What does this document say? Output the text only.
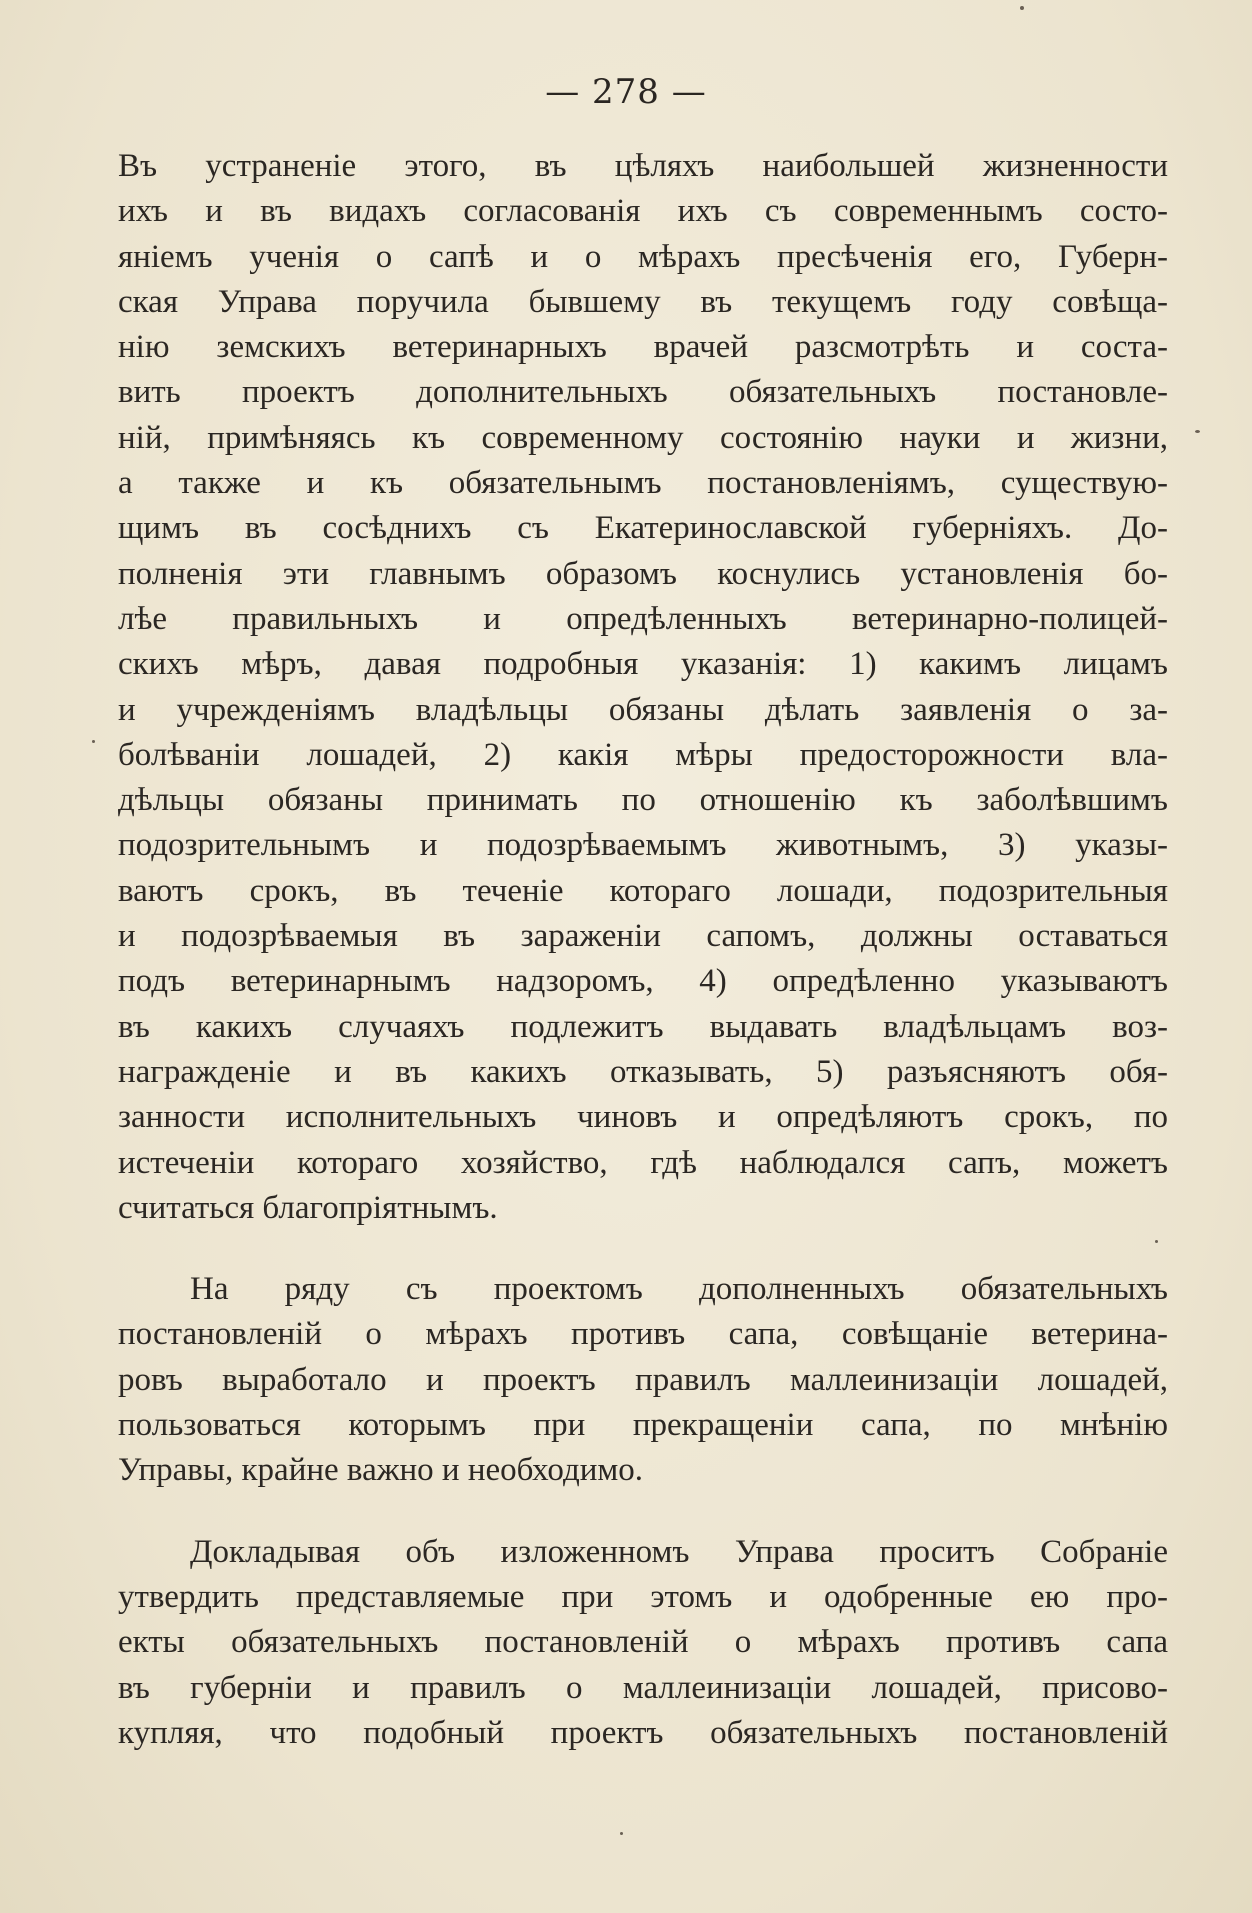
— 278 —
Въ устраненіе этого, въ цѣляхъ наибольшей жизненности
ихъ и въ видахъ согласованія ихъ съ современнымъ состо-
яніемъ ученія о сапѣ и о мѣрахъ пресѣченія его, Губерн-
ская Управа поручила бывшему въ текущемъ году совѣща-
нію земскихъ ветеринарныхъ врачей разсмотрѣть и соста-
вить проектъ дополнительныхъ обязательныхъ постановле-
ній, примѣняясь къ современному состоянію науки и жизни,
а также и къ обязательнымъ постановленіямъ, существую-
щимъ въ сосѣднихъ съ Екатеринославской губерніяхъ. До-
полненія эти главнымъ образомъ коснулись установленія бо-
лѣе правильныхъ и опредѣленныхъ ветеринарно-полицей-
скихъ мѣръ, давая подробныя указанія: 1) какимъ лицамъ
и учрежденіямъ владѣльцы обязаны дѣлать заявленія о за-
болѣваніи лошадей, 2) какія мѣры предосторожности вла-
дѣльцы обязаны принимать по отношенію къ заболѣвшимъ
подозрительнымъ и подозрѣваемымъ животнымъ, 3) указы-
ваютъ срокъ, въ теченіе котораго лошади, подозрительныя
и подозрѣваемыя въ зараженіи сапомъ, должны оставаться
подъ ветеринарнымъ надзоромъ, 4) опредѣленно указываютъ
въ какихъ случаяхъ подлежитъ выдавать владѣльцамъ воз-
награжденіе и въ какихъ отказывать, 5) разъясняютъ обя-
занности исполнительныхъ чиновъ и опредѣляютъ срокъ, по
истеченіи котораго хозяйство, гдѣ наблюдался сапъ, можетъ
считаться благопріятнымъ.
На ряду съ проектомъ дополненныхъ обязательныхъ
постановленій о мѣрахъ противъ сапа, совѣщаніе ветерина-
ровъ выработало и проектъ правилъ маллеинизаціи лошадей,
пользоваться которымъ при прекращеніи сапа, по мнѣнію
Управы, крайне важно и необходимо.
Докладывая объ изложенномъ Управа проситъ Собраніе
утвердить представляемые при этомъ и одобренные ею про-
екты обязательныхъ постановленій о мѣрахъ противъ сапа
въ губерніи и правилъ о маллеинизаціи лошадей, присово-
купляя, что подобный проектъ обязательныхъ постановленій
